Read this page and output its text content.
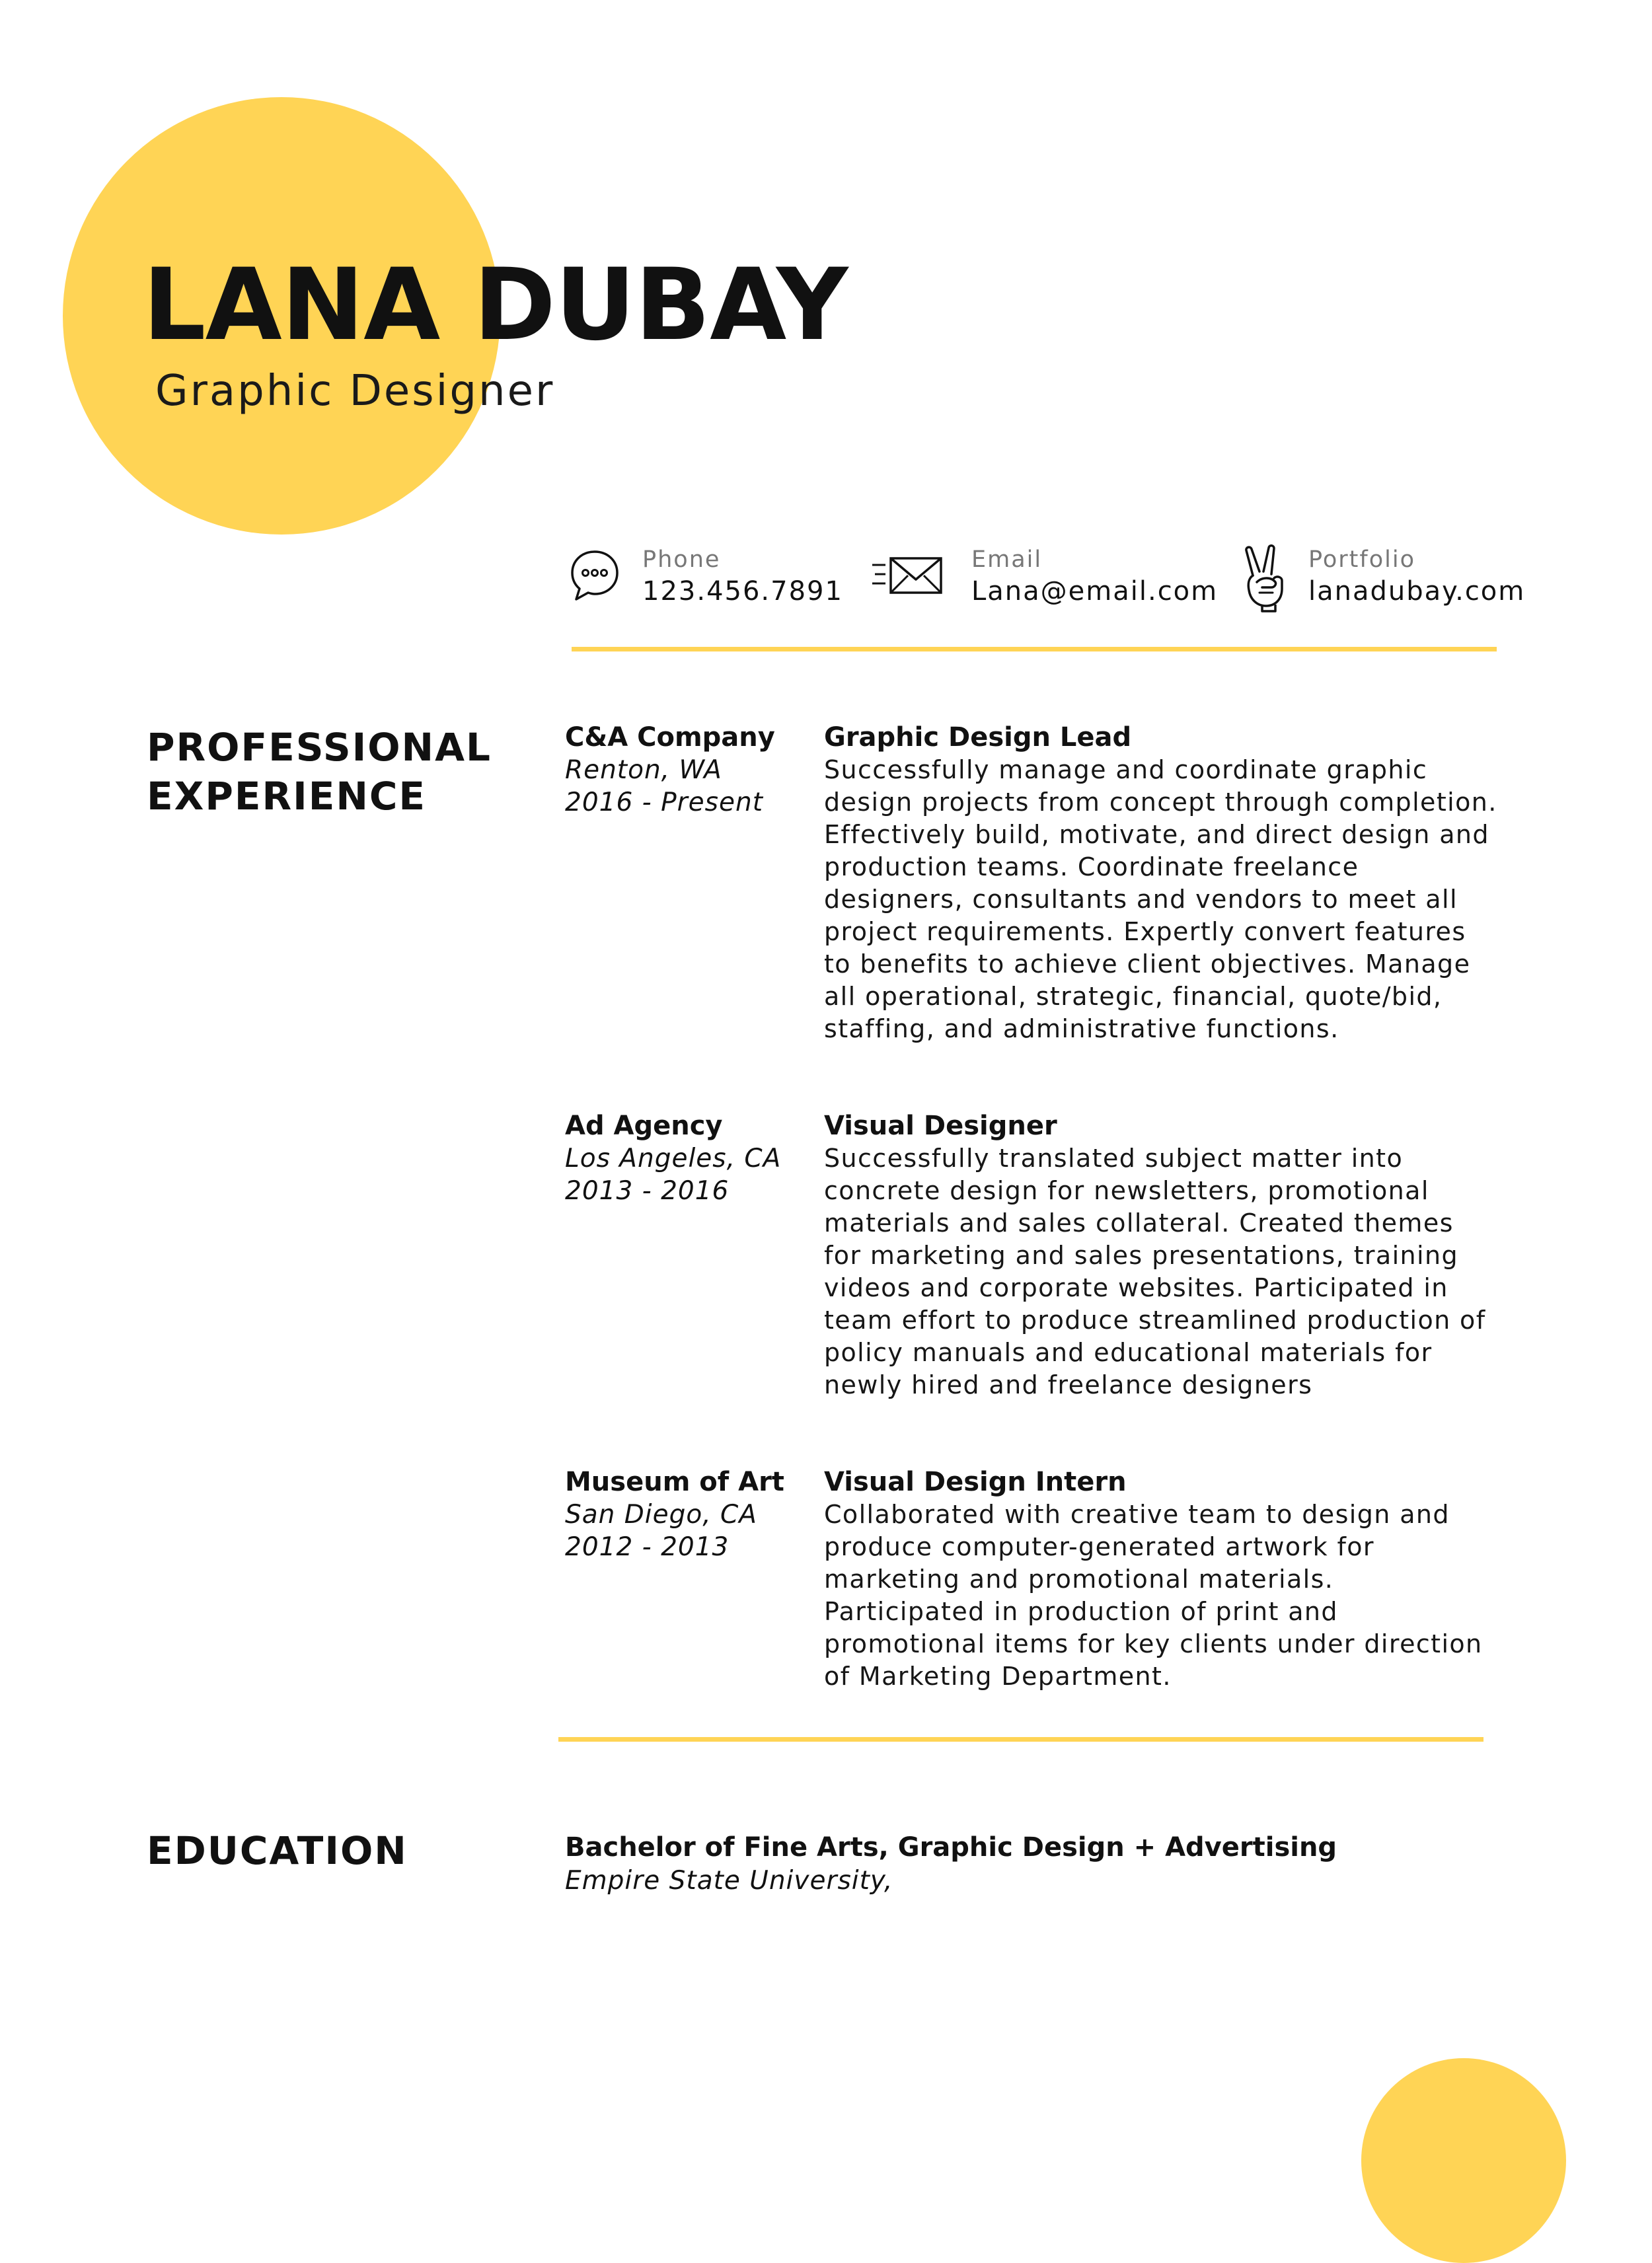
LANA DUBAY
Graphic Designer
Phone
123.456.7891
Email
Lana@email.com
Portfolio
lanadubay.com
PROFESSIONAL
EXPERIENCE
C&A Company
Renton, WA
2016 - Present
Graphic Design Lead
Successfully manage and coordinate graphic design projects from concept through completion. Effectively build, motivate, and direct design and production teams. Coordinate freelance designers, consultants and vendors to meet all project requirements. Expertly convert features to benefits to achieve client objectives. Manage all operational, strategic, financial, quote/bid, staffing, and administrative functions.
Ad Agency
Los Angeles, CA
2013 - 2016
Visual Designer
Successfully translated subject matter into concrete design for newsletters, promotional materials and sales collateral. Created themes for marketing and sales presentations, training videos and corporate websites. Participated in team effort to produce streamlined production of policy manuals and educational materials for newly hired and freelance designers
Museum of Art
San Diego, CA
2012 - 2013
Visual Design Intern
Collaborated with creative team to design and produce computer-generated artwork for marketing and promotional materials. Participated in production of print and promotional items for key clients under direction of Marketing Department.
EDUCATION	Bachelor of Fine Arts, Graphic Design + Advertising
Empire State University,
